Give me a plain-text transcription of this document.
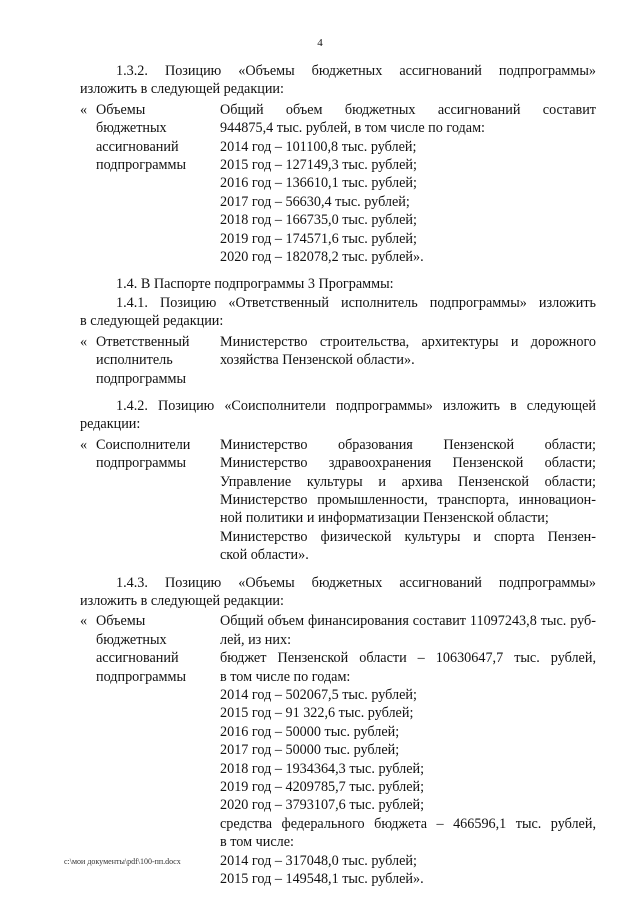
4
1.3.2. Позицию «Объемы бюджетных ассигнований подпрограммы»
изложить в следующей редакции:
« Объемы
бюджетных
ассигнований
подпрограммы
Общий объем бюджетных ассигнований составит
944875,4 тыс. рублей, в том числе по годам:
2014 год – 101100,8 тыс. рублей;
2015 год – 127149,3 тыс. рублей;
2016 год – 136610,1 тыс. рублей;
2017 год – 56630,4 тыс. рублей;
2018 год – 166735,0 тыс. рублей;
2019 год – 174571,6 тыс. рублей;
2020 год – 182078,2 тыс. рублей».
1.4. В Паспорте подпрограммы 3 Программы:
1.4.1. Позицию «Ответственный исполнитель подпрограммы» изложить
в следующей редакции:
« Ответственный
исполнитель
подпрограммы
Министерство строительства, архитектуры и дорожного
хозяйства Пензенской области».
1.4.2. Позицию «Соисполнители подпрограммы» изложить в следующей
редакции:
« Соисполнители
подпрограммы
Министерство образования Пензенской области;
Министерство здравоохранения Пензенской области;
Управление культуры и архива Пензенской области;
Министерство промышленности, транспорта, инновацион-
ной политики и информатизации Пензенской области;
Министерство физической культуры и спорта Пензен-
ской области».
1.4.3. Позицию «Объемы бюджетных ассигнований подпрограммы»
изложить в следующей редакции:
« Объемы
бюджетных
ассигнований
подпрограммы
Общий объем финансирования составит 11097243,8 тыс. руб-
лей, из них:
бюджет Пензенской области – 10630647,7 тыс. рублей,
в том числе по годам:
2014 год – 502067,5 тыс. рублей;
2015 год – 91 322,6 тыс. рублей;
2016 год – 50000 тыс. рублей;
2017 год – 50000 тыс. рублей;
2018 год – 1934364,3 тыс. рублей;
2019 год – 4209785,7 тыс. рублей;
2020 год – 3793107,6 тыс. рублей;
средства федерального бюджета – 466596,1 тыс. рублей,
в том числе:
2014 год – 317048,0 тыс. рублей;
2015 год – 149548,1 тыс. рублей».
c:\мои документы\pdf\100-пп.docx
